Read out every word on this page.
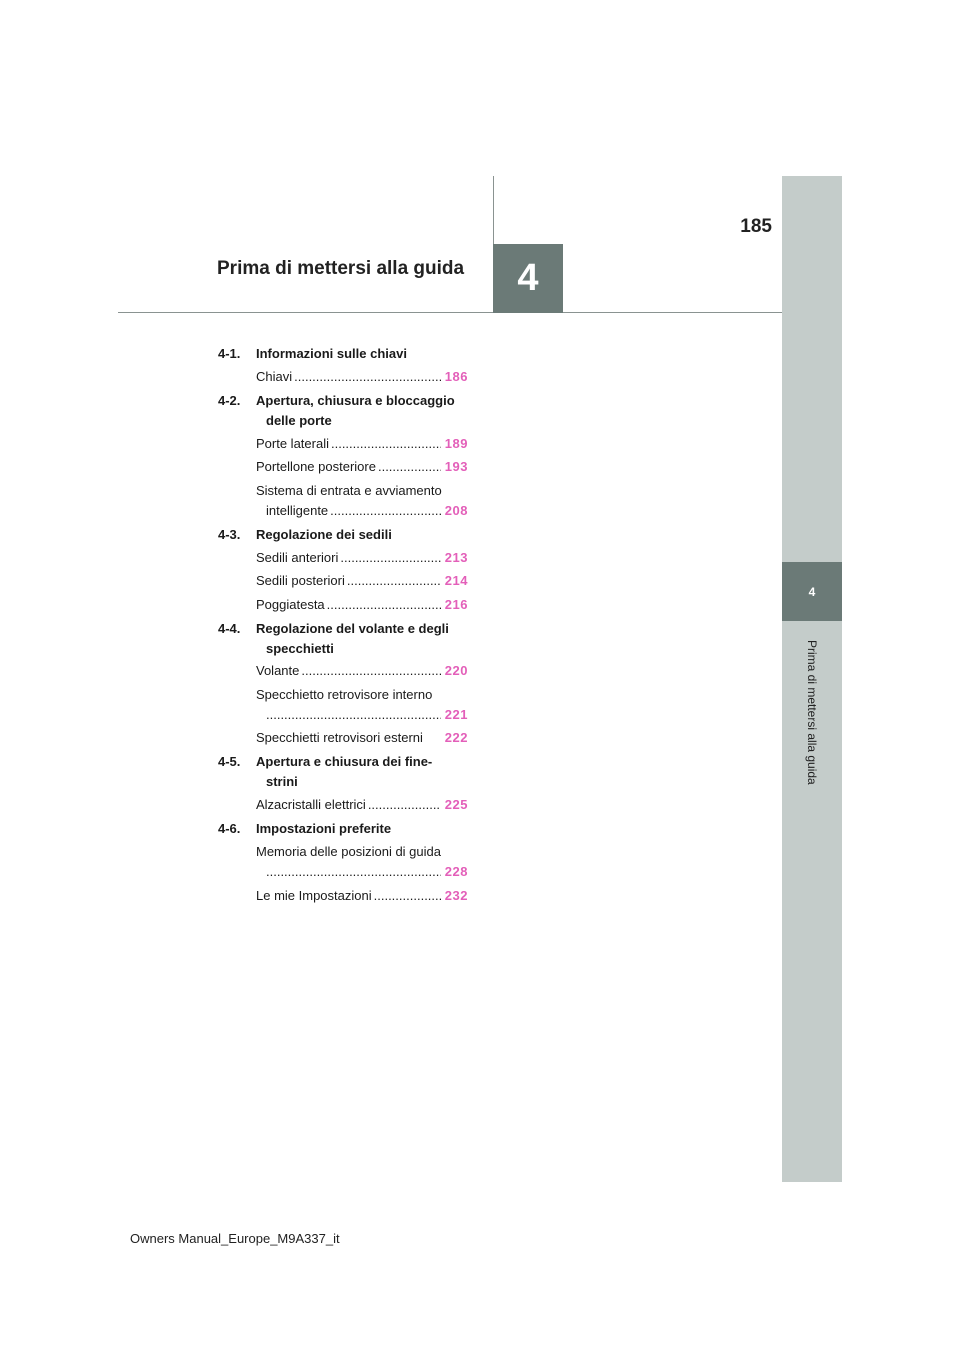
4
Prima di mettersi alla guida
4
185
Prima di mettersi alla guida
4-1. Informazioni sulle chiavi
Chiavi .....	186
4-2. Apertura, chiusura e bloccaggio
delle porte
Porte laterali .....	189
Portellone posteriore .....	193
Sistema di entrata e avviamento
intelligente .....	208
4-3. Regolazione dei sedili
Sedili anteriori .....	213
Sedili posteriori .....	214
Poggiatesta .....	216
4-4. Regolazione del volante e degli
specchietti
Volante .....	220
Specchietto retrovisore interno
.....
221
Specchietti retrovisori esterni 222
4-5. Apertura e chiusura dei fine-
strini
Alzacristalli elettrici .....	225
4-6. Impostazioni preferite
Memoria delle posizioni di guida
.....
228
Le mie Impostazioni .....	232
Owners Manual_Europe_M9A337_it
